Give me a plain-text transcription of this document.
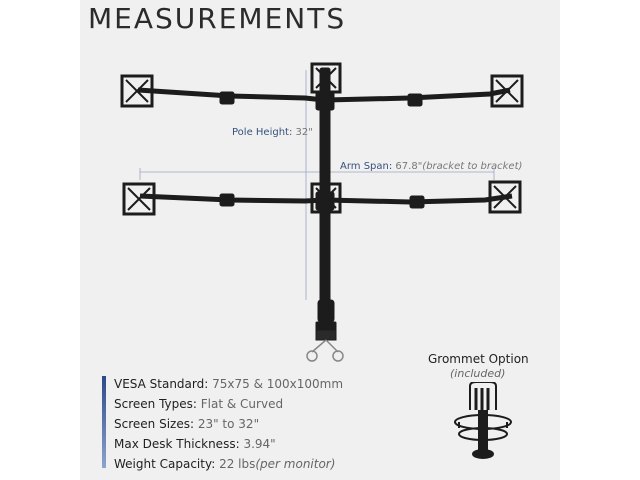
MEASUREMENTS
Pole Height: 32"
Arm Span: 67.8"(bracket to bracket)
VESA Standard: 75x75 & 100x100mm
Screen Types: Flat & Curved
Screen Sizes: 23" to 32"
Max Desk Thickness: 3.94"
Weight Capacity: 22 lbs(per monitor)
Grommet Option
(included)
